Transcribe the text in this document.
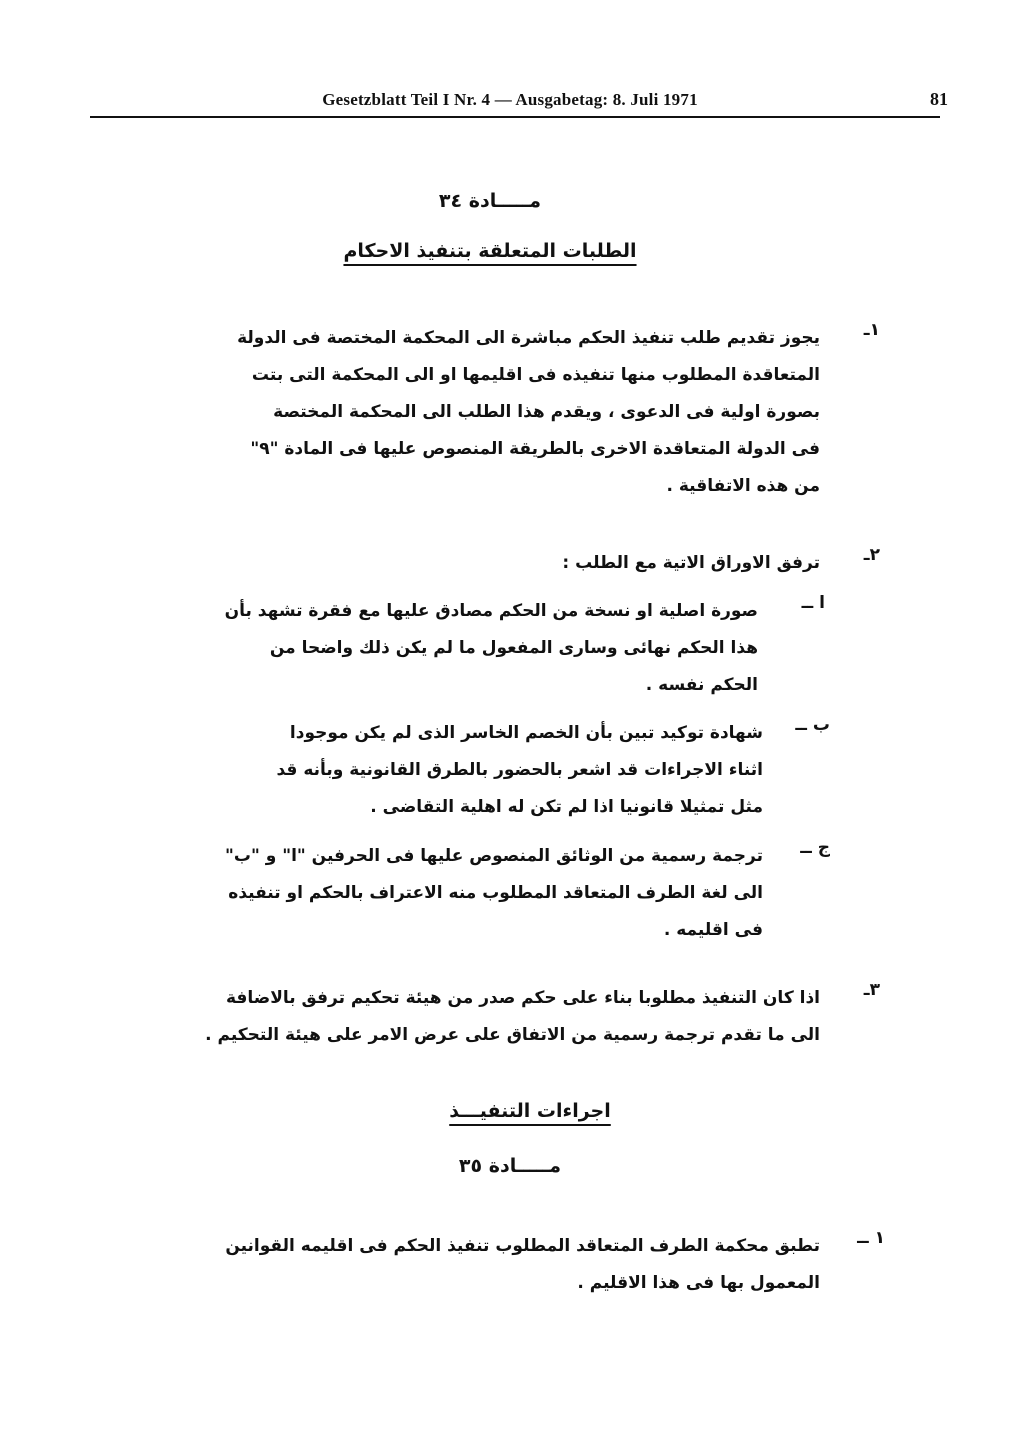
Gesetzblatt Teil I Nr. 4 — Ausgabetag: 8. Juli 1971	81
مـــــادة ٣٤
الطلبات المتعلقة بتنفيذ الاحكام
١ـ
يجوز تقديم طلب تنفيذ الحكم مباشرة الى المحكمة المختصة فى الدولة
المتعاقدة المطلوب منها تنفيذه فى اقليمها او الى المحكمة التى بتت
بصورة اولية فى الدعوى ، ويقدم هذا الطلب الى المحكمة المختصة
فى الدولة المتعاقدة الاخرى بالطريقة المنصوص عليها فى المادة "٩"
من هذه الاتفاقية .
٢ـ
ترفق الاوراق الاتية مع الطلب :
ا ــ
صورة اصلية او نسخة من الحكم مصادق عليها مع فقرة تشهد بأن
هذا الحكم نهائى وسارى المفعول ما لم يكن ذلك واضحا من
الحكم نفسه .
ب ــ
شهادة توكيد تبين بأن الخصم الخاسر الذى لم يكن موجودا
اثناء الاجراءات قد اشعر بالحضور بالطرق القانونية وبأنه قد
مثل تمثيلا قانونيا اذا لم تكن له اهلية التقاضى .
ج ــ
ترجمة رسمية من الوثائق المنصوص عليها فى الحرفين "ا" و "ب"
الى لغة الطرف المتعاقد المطلوب منه الاعتراف بالحكم او تنفيذه
فى اقليمه .
٣ـ
اذا كان التنفيذ مطلوبا بناء على حكم صدر من هيئة تحكيم ترفق بالاضافة
الى ما تقدم ترجمة رسمية من الاتفاق على عرض الامر على هيئة التحكيم .
اجراءات التنفيـــذ
مـــــادة ٣٥
١ ــ
تطبق محكمة الطرف المتعاقد المطلوب تنفيذ الحكم فى اقليمه القوانين
المعمول بها فى هذا الاقليم .
